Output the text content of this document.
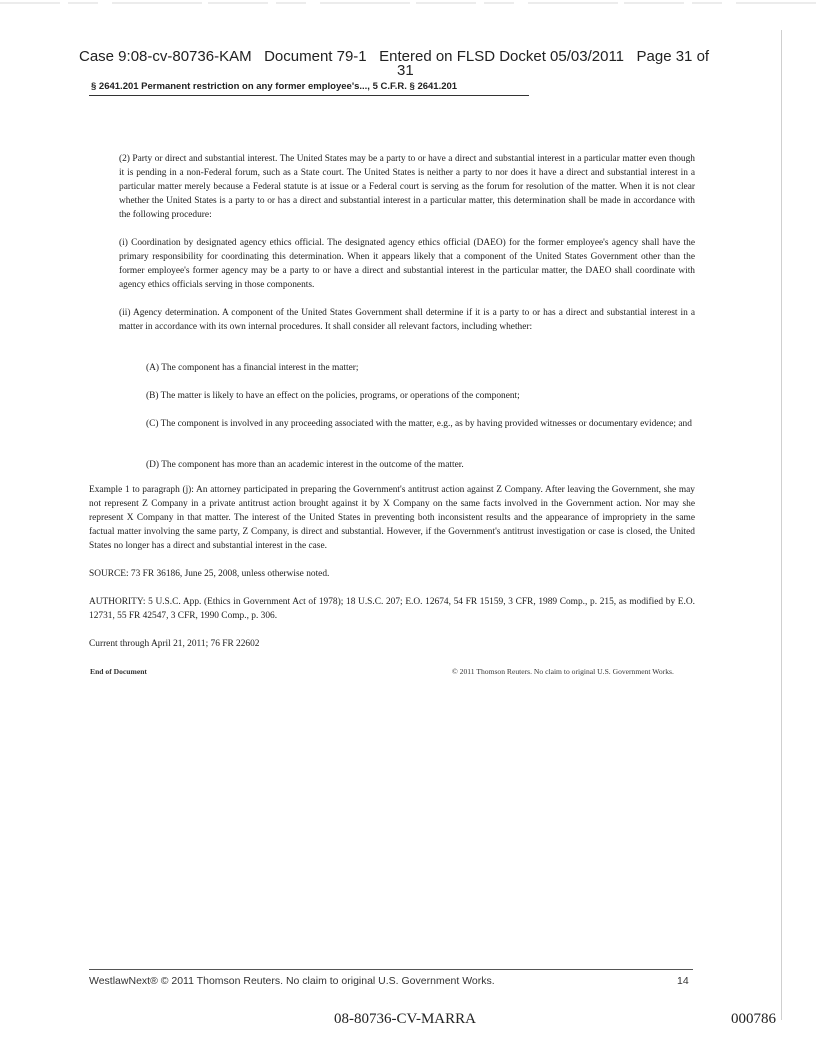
Case 9:08-cv-80736-KAM   Document 79-1   Entered on FLSD Docket 05/03/2011   Page 31 of
31
§ 2641.201 Permanent restriction on any former employee's..., 5 C.F.R. § 2641.201
(2) Party or direct and substantial interest. The United States may be a party to or have a direct and substantial interest in a particular matter even though it is pending in a non-Federal forum, such as a State court. The United States is neither a party to nor does it have a direct and substantial interest in a particular matter merely because a Federal statute is at issue or a Federal court is serving as the forum for resolution of the matter. When it is not clear whether the United States is a party to or has a direct and substantial interest in a particular matter, this determination shall be made in accordance with the following procedure:
(i) Coordination by designated agency ethics official. The designated agency ethics official (DAEO) for the former employee's agency shall have the primary responsibility for coordinating this determination. When it appears likely that a component of the United States Government other than the former employee's former agency may be a party to or have a direct and substantial interest in the particular matter, the DAEO shall coordinate with agency ethics officials serving in those components.
(ii) Agency determination. A component of the United States Government shall determine if it is a party to or has a direct and substantial interest in a matter in accordance with its own internal procedures. It shall consider all relevant factors, including whether:
(A) The component has a financial interest in the matter;
(B) The matter is likely to have an effect on the policies, programs, or operations of the component;
(C) The component is involved in any proceeding associated with the matter, e.g., as by having provided witnesses or documentary evidence; and
(D) The component has more than an academic interest in the outcome of the matter.
Example 1 to paragraph (j): An attorney participated in preparing the Government's antitrust action against Z Company. After leaving the Government, she may not represent Z Company in a private antitrust action brought against it by X Company on the same facts involved in the Government action. Nor may she represent X Company in that matter. The interest of the United States in preventing both inconsistent results and the appearance of impropriety in the same factual matter involving the same party, Z Company, is direct and substantial. However, if the Government's antitrust investigation or case is closed, the United States no longer has a direct and substantial interest in the case.
SOURCE: 73 FR 36186, June 25, 2008, unless otherwise noted.
AUTHORITY: 5 U.S.C. App. (Ethics in Government Act of 1978); 18 U.S.C. 207; E.O. 12674, 54 FR 15159, 3 CFR, 1989 Comp., p. 215, as modified by E.O. 12731, 55 FR 42547, 3 CFR, 1990 Comp., p. 306.
Current through April 21, 2011; 76 FR 22602
End of Document	© 2011 Thomson Reuters. No claim to original U.S. Government Works.
WestlawNext® © 2011 Thomson Reuters. No claim to original U.S. Government Works.	14
08-80736-CV-MARRA	000786
